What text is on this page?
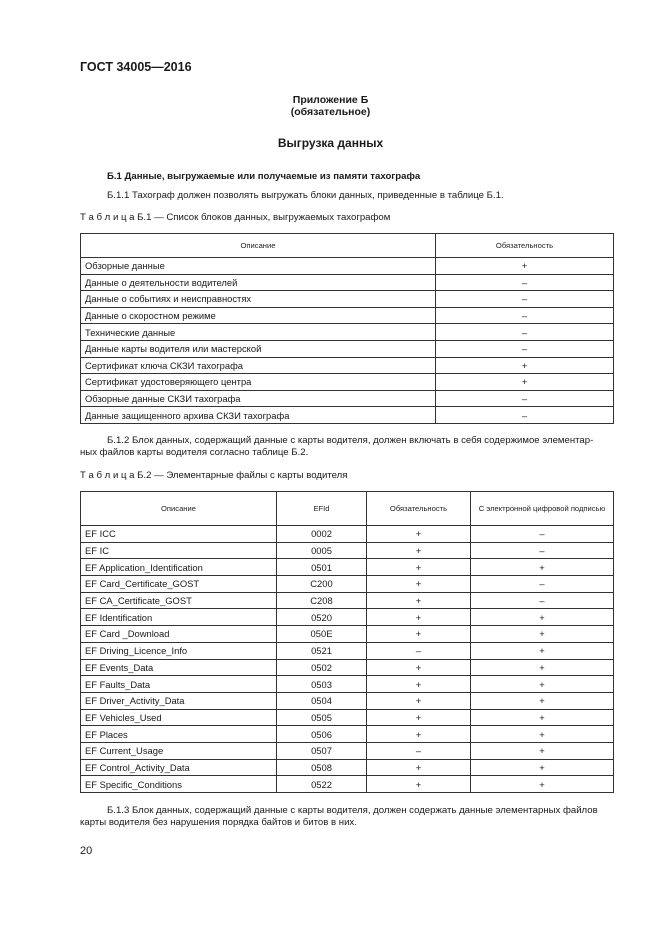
ГОСТ 34005—2016
Приложение Б
(обязательное)
Выгрузка данных
Б.1 Данные, выгружаемые или получаемые из памяти тахографа
Б.1.1 Тахограф должен позволять выгружать блоки данных, приведенные в таблице Б.1.
Т а б л и ц а Б.1 — Список блоков данных, выгружаемых тахографом
Описание	Обязательность
Обзорные данные	+
Данные о деятельности водителей	–
Данные о событиях и неисправностях	–
Данные о скоростном режиме	–
Технические данные	–
Данные карты водителя или мастерской	–
Сертификат ключа СКЗИ тахографа	+
Сертификат удостоверяющего центра	+
Обзорные данные СКЗИ тахографа	–
Данные защищенного архива СКЗИ тахографа	–
Б.1.2 Блок данных, содержащий данные с карты водителя, должен включать в себя содержимое элементар-
ных файлов карты водителя согласно таблице Б.2.
Т а б л и ц а Б.2 — Элементарные файлы с карты водителя
Описание	EFId	Обязательность	С электронной цифровой подписью
EF ICC	0002	+	–
EF IC	0005	+	–
EF Application_Identification	0501	+	+
EF Card_Certificate_GOST	C200	+	–
EF CA_Certificate_GOST	C208	+	–
EF Identification	0520	+	+
EF Card _Download	050E	+	+
EF Driving_Licence_Info	0521	–	+
EF Events_Data	0502	+	+
EF Faults_Data	0503	+	+
EF Driver_Activity_Data	0504	+	+
EF Vehicles_Used	0505	+	+
EF Places	0506	+	+
EF Current_Usage	0507	–	+
EF Control_Activity_Data	0508	+	+
EF Specific_Conditions	0522	+	+
Б.1.3 Блок данных, содержащий данные с карты водителя, должен содержать данные элементарных файлов
карты водителя без нарушения порядка байтов и битов в них.
20
